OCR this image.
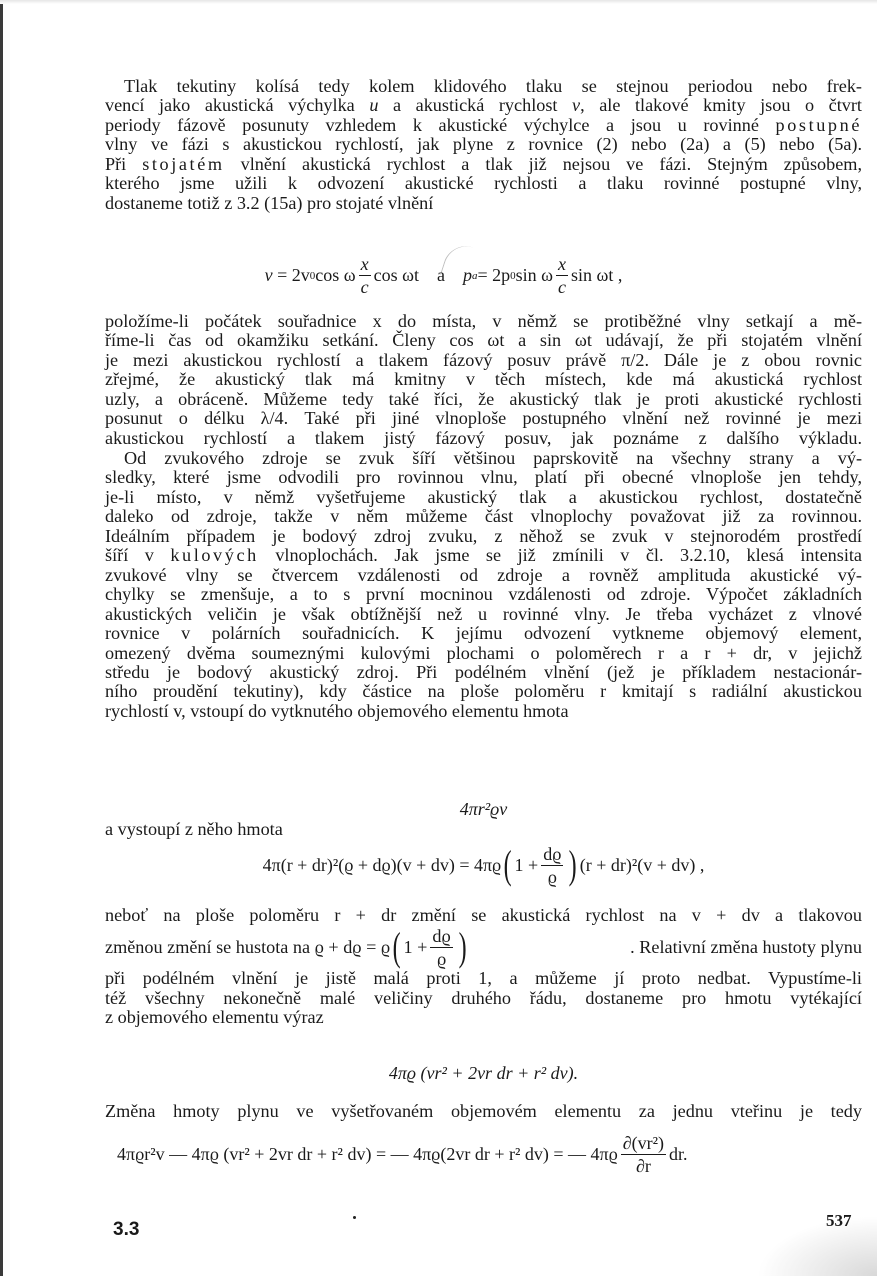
Tlak tekutiny kolísá tedy kolem klidového tlaku se stejnou periodou nebo frek-
vencí jako akustická výchylka u a akustická rychlost v, ale tlakové kmity jsou o čtvrt
periody fázově posunuty vzhledem k akustické výchylce a jsou u rovinné postupné
vlny ve fázi s akustickou rychlostí, jak plyne z rovnice (2) nebo (2a) a (5) nebo (5a).
Při stojatém vlnění akustická rychlost a tlak již nejsou ve fázi. Stejným způsobem,
kterého jsme užili k odvození akustické rychlosti a tlaku rovinné postupné vlny,
dostaneme totiž z 3.2 (15a) pro stojaté vlnění
v
= 2v 0 cos ω $\frac{x}{c}$ cos ωt
a
p a = 2p 0 sin ω $\frac{x}{c}$ sin ωt ,
položíme-li počátek souřadnice x do místa, v němž se protiběžné vlny setkají a mě-
říme-li čas od okamžiku setkání. Členy cos ωt a sin ωt udávají, že při stojatém vlnění
je mezi akustickou rychlostí a tlakem fázový posuv právě π/2. Dále je z obou rovnic
zřejmé, že akustický tlak má kmitny v těch místech, kde má akustická rychlost
uzly, a obráceně. Můžeme tedy také říci, že akustický tlak je proti akustické rychlosti
posunut o délku λ/4. Také při jiné vlnoploše postupného vlnění než rovinné je mezi
akustickou rychlostí a tlakem jistý fázový posuv, jak poznáme z dalšího výkladu.
Od zvukového zdroje se zvuk šíří většinou paprskovitě na všechny strany a vý-
sledky, které jsme odvodili pro rovinnou vlnu, platí při obecné vlnoploše jen tehdy,
je-li místo, v němž vyšetřujeme akustický tlak a akustickou rychlost, dostatečně
daleko od zdroje, takže v něm můžeme část vlnoplochy považovat již za rovinnou.
Ideálním případem je bodový zdroj zvuku, z něhož se zvuk v stejnorodém prostředí
šíří v kulových vlnoplochách. Jak jsme se již zmínili v čl. 3.2.10, klesá intensita
zvukové vlny se čtvercem vzdálenosti od zdroje a rovněž amplituda akustické vý-
chylky se zmenšuje, a to s první mocninou vzdálenosti od zdroje. Výpočet základních
akustických veličin je však obtížnější než u rovinné vlny. Je třeba vycházet z vlnové
rovnice v polárních souřadnicích. K jejímu odvození vytkneme objemový element,
omezený dvěma soumeznými kulovými plochami o poloměrech r a r + dr, v jejichž
středu je bodový akustický zdroj. Při podélném vlnění (jež je příkladem nestacionár-
ního proudění tekutiny), kdy částice na ploše poloměru r kmitají s radiální akustickou
rychlostí v, vstoupí do vytknutého objemového elementu hmota
4πr²ϱv
a vystoupí z něho hmota
4π(r + dr)²(ϱ + dϱ)(v + dv) = 4πϱ ( $1 + \frac{dϱ}{ϱ}$ ) (r + dr)²(v + dv) ,
neboť na ploše poloměru r + dr změní se akustická rychlost na v + dv a tlakovou
změnou změní se hustota na ϱ + dϱ = ϱ ( $1 + \frac{dϱ}{ϱ}$ )	. Relativní změna hustoty plynu
při podélném vlnění je jistě malá proti 1, a můžeme jí proto nedbat. Vypustíme-li
též všechny nekonečně malé veličiny druhého řádu, dostaneme pro hmotu vytékající
z objemového elementu výraz
4πϱ (vr² + 2vr dr + r² dv).
Změna hmoty plynu ve vyšetřovaném objemovém elementu za jednu vteřinu je tedy
4πϱr²v — 4πϱ (vr² + 2vr dr + r² dv) = — 4πϱ(2vr dr + r² dv) = — $4\pi ϱ \frac{\text{∂(vr²)}}{\partial r}$ dr.
3.3	537
